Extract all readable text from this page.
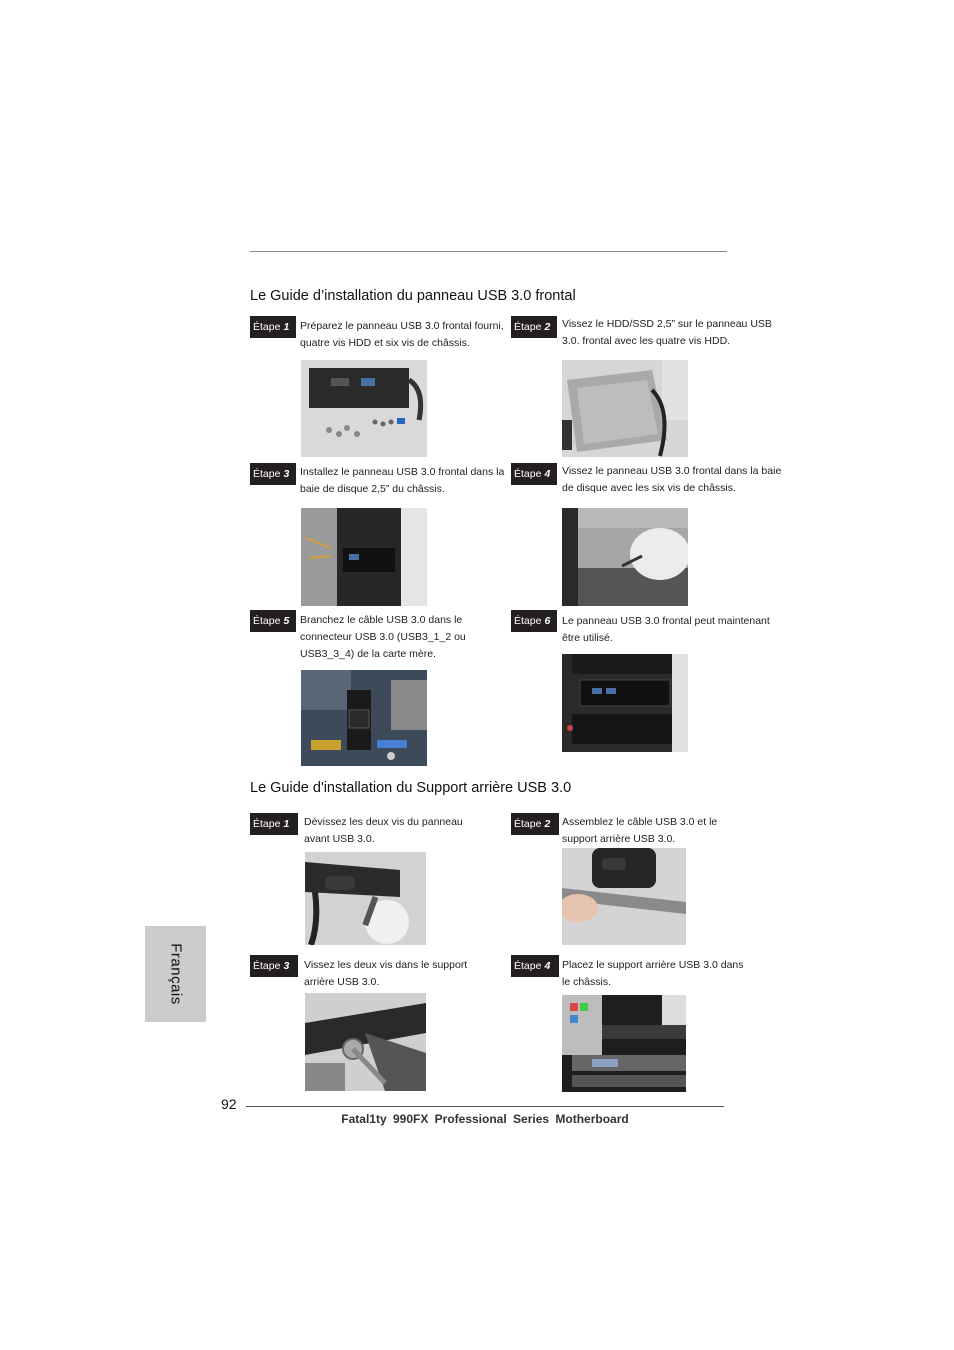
Le Guide d’installation du panneau USB 3.0 frontal
Étape 1	Préparez le panneau USB 3.0 frontal fourni, quatre vis HDD et six vis de châssis.
Étape 2	Vissez le HDD/SSD 2,5” sur le panneau USB 3.0. frontal avec les quatre vis HDD.
Étape 3	Installez le panneau USB 3.0 frontal dans la baie de disque 2,5” du châssis.
Étape 4	Vissez le panneau USB 3.0 frontal dans la baie de disque avec les six vis de châssis.
Étape 5	Branchez le câble USB 3.0 dans le connecteur USB 3.0 (USB3_1_2 ou USB3_3_4) de la carte mère.
Étape 6	Le panneau USB 3.0 frontal peut maintenant être utilisé.
Le Guide d'installation du Support arrière USB 3.0
Étape 1	Dévissez les deux vis du panneau avant USB 3.0.
Étape 2	Assemblez le câble USB 3.0 et le support arrière USB 3.0.
Étape 3	Vissez les deux vis dans le support arrière USB 3.0.
Étape 4	Placez le support arrière USB 3.0 dans le châssis.
Français
92
Fatal1ty 990FX Professional Series Motherboard
